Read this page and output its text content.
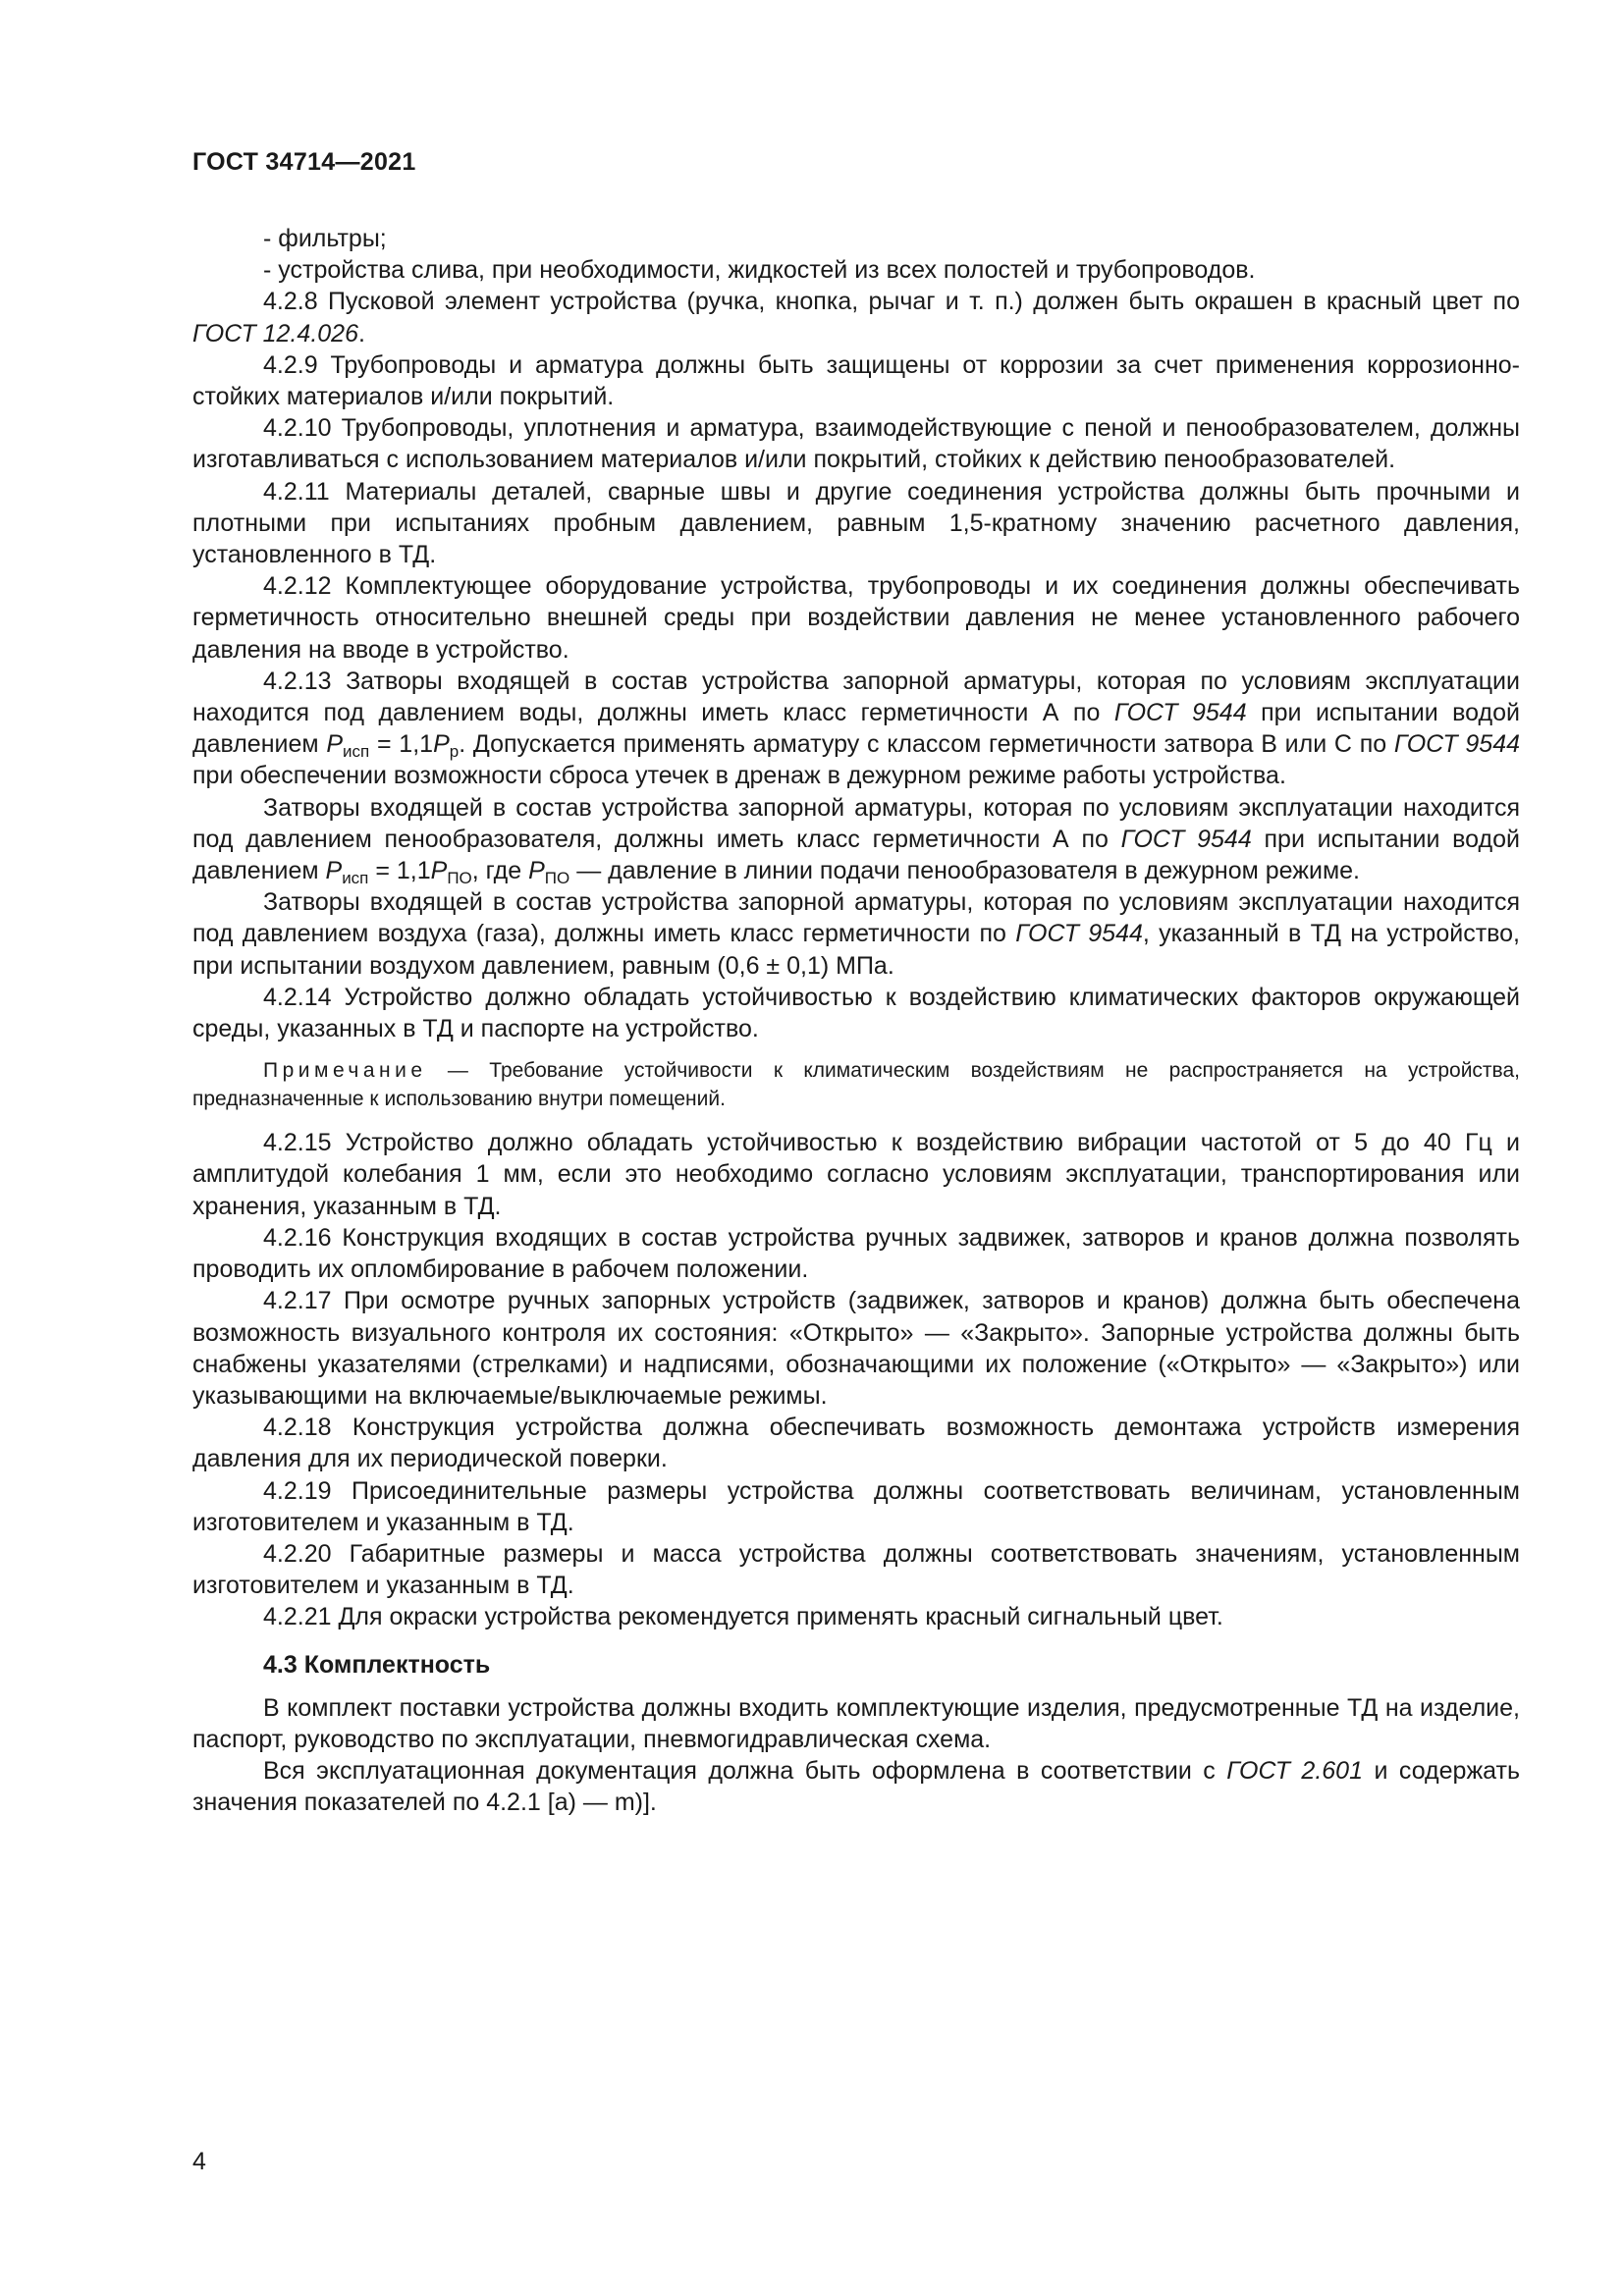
ГОСТ 34714—2021

- фильтры;

- устройства слива, при необходимости, жидкостей из всех полостей и трубопроводов.

4.2.8 Пусковой элемент устройства (ручка, кнопка, рычаг и т. п.) должен быть окрашен в красный цвет по ГОСТ 12.4.026.

4.2.9 Трубопроводы и арматура должны быть защищены от коррозии за счет применения коррозионно-стойких материалов и/или покрытий.

4.2.10 Трубопроводы, уплотнения и арматура, взаимодействующие с пеной и пенообразователем, должны изготавливаться с использованием материалов и/или покрытий, стойких к действию пенообразователей.

4.2.11 Материалы деталей, сварные швы и другие соединения устройства должны быть прочными и плотными при испытаниях пробным давлением, равным 1,5-кратному значению расчетного давления, установленного в ТД.

4.2.12 Комплектующее оборудование устройства, трубопроводы и их соединения должны обеспечивать герметичность относительно внешней среды при воздействии давления не менее установленного рабочего давления на вводе в устройство.

4.2.13 Затворы входящей в состав устройства запорной арматуры, которая по условиям эксплуатации находится под давлением воды, должны иметь класс герметичности А по ГОСТ 9544 при испытании водой давлением $P_{исп} = 1,1P_р$. Допускается применять арматуру с классом герметичности затвора В или С по ГОСТ 9544 при обеспечении возможности сброса утечек в дренаж в дежурном режиме работы устройства.

Затворы входящей в состав устройства запорной арматуры, которая по условиям эксплуатации находится под давлением пенообразователя, должны иметь класс герметичности А по ГОСТ 9544 при испытании водой давлением $P_{исп} = 1,1P_{ПО}$, где $P_{ПО}$ — давление в линии подачи пенообразователя в дежурном режиме.

Затворы входящей в состав устройства запорной арматуры, которая по условиям эксплуатации находится под давлением воздуха (газа), должны иметь класс герметичности по ГОСТ 9544, указанный в ТД на устройство, при испытании воздухом давлением, равным (0,6 ± 0,1) МПа.

4.2.14 Устройство должно обладать устойчивостью к воздействию климатических факторов окружающей среды, указанных в ТД и паспорте на устройство.

Примечание — Требование устойчивости к климатическим воздействиям не распространяется на устройства, предназначенные к использованию внутри помещений.

4.2.15 Устройство должно обладать устойчивостью к воздействию вибрации частотой от 5 до 40 Гц и амплитудой колебания 1 мм, если это необходимо согласно условиям эксплуатации, транспортирования или хранения, указанным в ТД.

4.2.16 Конструкция входящих в состав устройства ручных задвижек, затворов и кранов должна позволять проводить их опломбирование в рабочем положении.

4.2.17 При осмотре ручных запорных устройств (задвижек, затворов и кранов) должна быть обеспечена возможность визуального контроля их состояния: «Открыто» — «Закрыто». Запорные устройства должны быть снабжены указателями (стрелками) и надписями, обозначающими их положение («Открыто» — «Закрыто») или указывающими на включаемые/выключаемые режимы.

4.2.18 Конструкция устройства должна обеспечивать возможность демонтажа устройств измерения давления для их периодической поверки.

4.2.19 Присоединительные размеры устройства должны соответствовать величинам, установленным изготовителем и указанным в ТД.

4.2.20 Габаритные размеры и масса устройства должны соответствовать значениям, установленным изготовителем и указанным в ТД.

4.2.21 Для окраски устройства рекомендуется применять красный сигнальный цвет.

4.3 Комплектность

В комплект поставки устройства должны входить комплектующие изделия, предусмотренные ТД на изделие, паспорт, руководство по эксплуатации, пневмогидравлическая схема.

Вся эксплуатационная документация должна быть оформлена в соответствии с ГОСТ 2.601 и содержать значения показателей по 4.2.1 [а) — m)].

4
